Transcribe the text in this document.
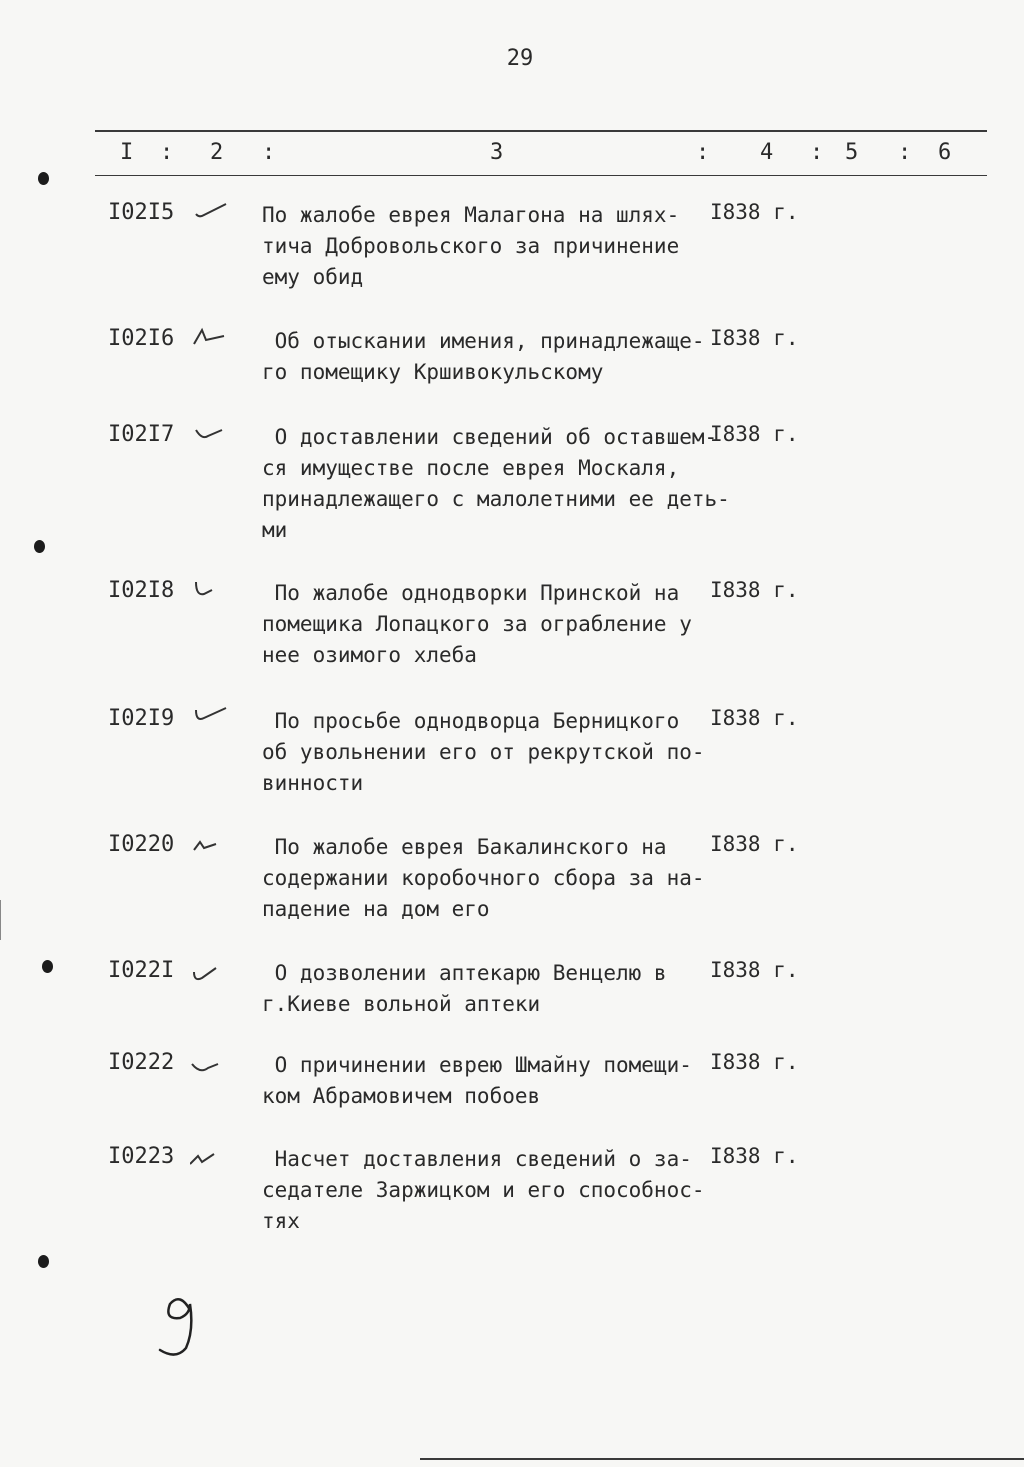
29
I : 2 :	3	: 4 : 5 : 6
I02I5	По жалобе еврея Малагона на шлях-
тича Добровольского за причинение
ему обид
I838 г.
I02I6	Об отыскании имения, принадлежаще-
го помещику Кршивокульскому
I838 г.
I02I7	О доставлении сведений об оставшем-
ся имуществе после еврея Москаля,
принадлежащего с малолетними ее деть-
ми
I838 г.
I02I8	По жалобе однодворки Принской на
помещика Лопацкого за ограбление у
нее озимого хлеба
I838 г.
I02I9	По просьбе однодворца Берницкого
об увольнении его от рекрутской по-
винности
I838 г.
I0220	По жалобе еврея Бакалинского на
содержании коробочного сбора за на-
падение на дом его
I838 г.
I022I	О дозволении аптекарю Венцелю в
г.Киеве вольной аптеки
I838 г.
I0222	О причинении еврею Шмайну помещи-
ком Абрамовичем побоев
I838 г.
I0223	Насчет доставления сведений о за-
седателе Заржицком и его способнос-
тях
I838 г.
